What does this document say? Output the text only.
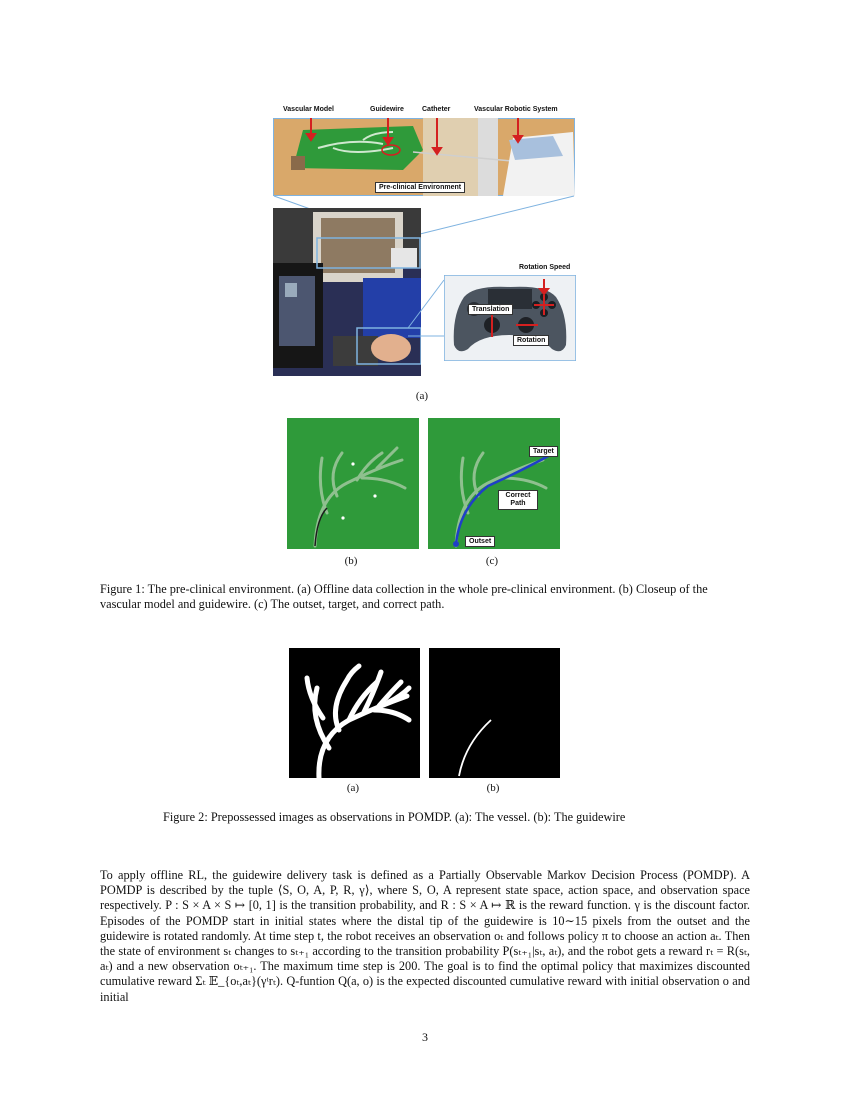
Vascular Model	Guidewire	Catheter	Vascular Robotic System
Pre-clinical Environment
Rotation Speed
Translation
Rotation
(a)
(b)
Target
Correct Path
Outset
(c)
Figure 1: The pre-clinical environment. (a) Offline data collection in the whole pre-clinical environment. (b) Closeup of the vascular model and guidewire. (c) The outset, target, and correct path.
(a)	(b)
Figure 2: Prepossessed images as observations in POMDP. (a): The vessel. (b): The guidewire

To apply offline RL, the guidewire delivery task is defined as a Partially Observable Markov Decision Process (POMDP). A POMDP is described by the tuple ⟨S, O, A, P, R, γ⟩, where S, O, A represent state space, action space, and observation space respectively. P : S × A × S ↦ [0, 1] is the transition probability, and R : S × A ↦ ℝ is the reward function. γ is the discount factor. Episodes of the POMDP start in initial states where the distal tip of the guidewire is 10∼15 pixels from the outset and the guidewire is rotated randomly. At time step t, the robot receives an observation oₜ and follows policy π to choose an action aₜ. Then the state of environment sₜ changes to sₜ₊₁ according to the transition probability P(sₜ₊₁|sₜ, aₜ), and the robot gets a reward rₜ = R(sₜ, aₜ) and a new observation oₜ₊₁. The maximum time step is 200. The goal is to find the optimal policy that maximizes discounted cumulative reward Σₜ 𝔼_{oₜ,aₜ}(γᵗrₜ). Q-funtion Q(a, o) is the expected discounted cumulative reward with initial observation o and initial

3
